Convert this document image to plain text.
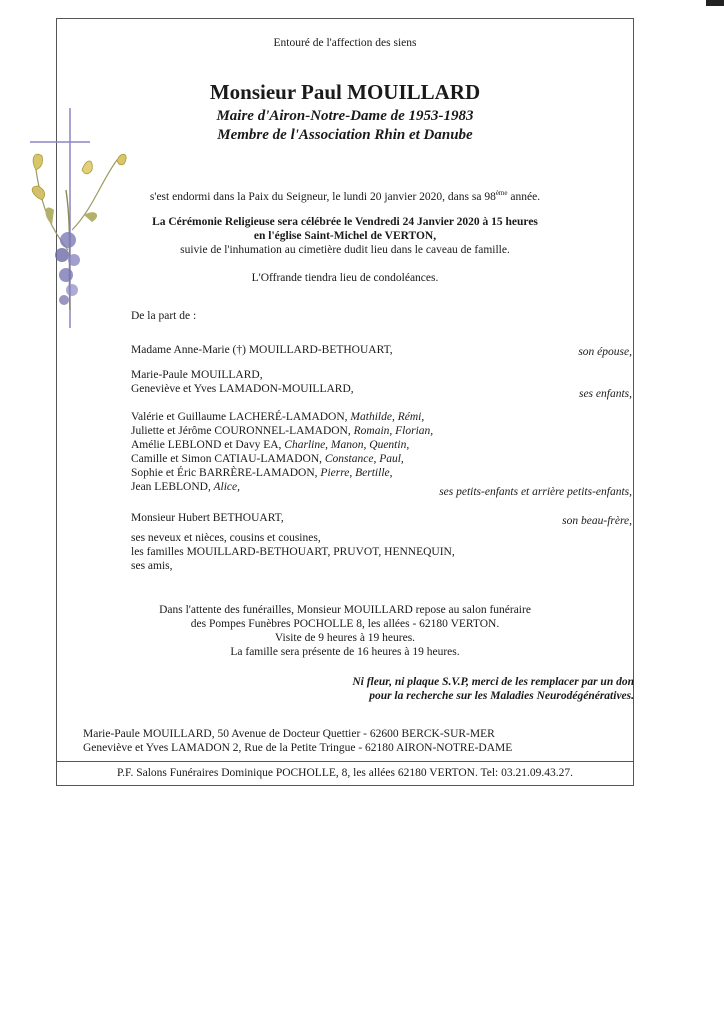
Entouré de l'affection des siens
Monsieur Paul MOUILLARD
Maire d'Airon-Notre-Dame de 1953-1983
Membre de l'Association Rhin et Danube
s'est endormi dans la Paix du Seigneur, le lundi 20 janvier 2020, dans sa 98ème année.
La Cérémonie Religieuse sera célébrée le Vendredi 24 Janvier 2020 à 15 heures
en l'église Saint-Michel de VERTON,
suivie de l'inhumation au cimetière dudit lieu dans le caveau de famille.
L'Offrande tiendra lieu de condoléances.
De la part de :
Madame Anne-Marie (†) MOUILLARD-BETHOUART,	son épouse,
Marie-Paule MOUILLARD,
Geneviève et Yves LAMADON-MOUILLARD,	ses enfants,
Valérie et Guillaume LACHERÉ-LAMADON, Mathilde, Rémi,
Juliette et Jérôme COURONNEL-LAMADON, Romain, Florian,
Amélie LEBLOND et Davy EA, Charline, Manon, Quentin,
Camille et Simon CATIAU-LAMADON, Constance, Paul,
Sophie et Éric BARRÈRE-LAMADON, Pierre, Bertille,
Jean LEBLOND, Alice,	ses petits-enfants et arrière petits-enfants,
Monsieur Hubert BETHOUART,	son beau-frère,
ses neveux et nièces, cousins et cousines,
les familles MOUILLARD-BETHOUART, PRUVOT, HENNEQUIN,
ses amis,
Dans l'attente des funérailles, Monsieur MOUILLARD repose au salon funéraire
des Pompes Funèbres POCHOLLE 8, les allées - 62180 VERTON.
Visite de 9 heures à 19 heures.
La famille sera présente de 16 heures à 19 heures.
Ni fleur, ni plaque S.V.P, merci de les remplacer par un don
pour la recherche sur les Maladies Neurodégénératives.
Marie-Paule MOUILLARD, 50 Avenue de Docteur Quettier - 62600 BERCK-SUR-MER
Geneviève et Yves LAMADON 2, Rue de la Petite Tringue - 62180 AIRON-NOTRE-DAME
P.F. Salons Funéraires Dominique POCHOLLE, 8, les allées 62180 VERTON. Tel: 03.21.09.43.27.
